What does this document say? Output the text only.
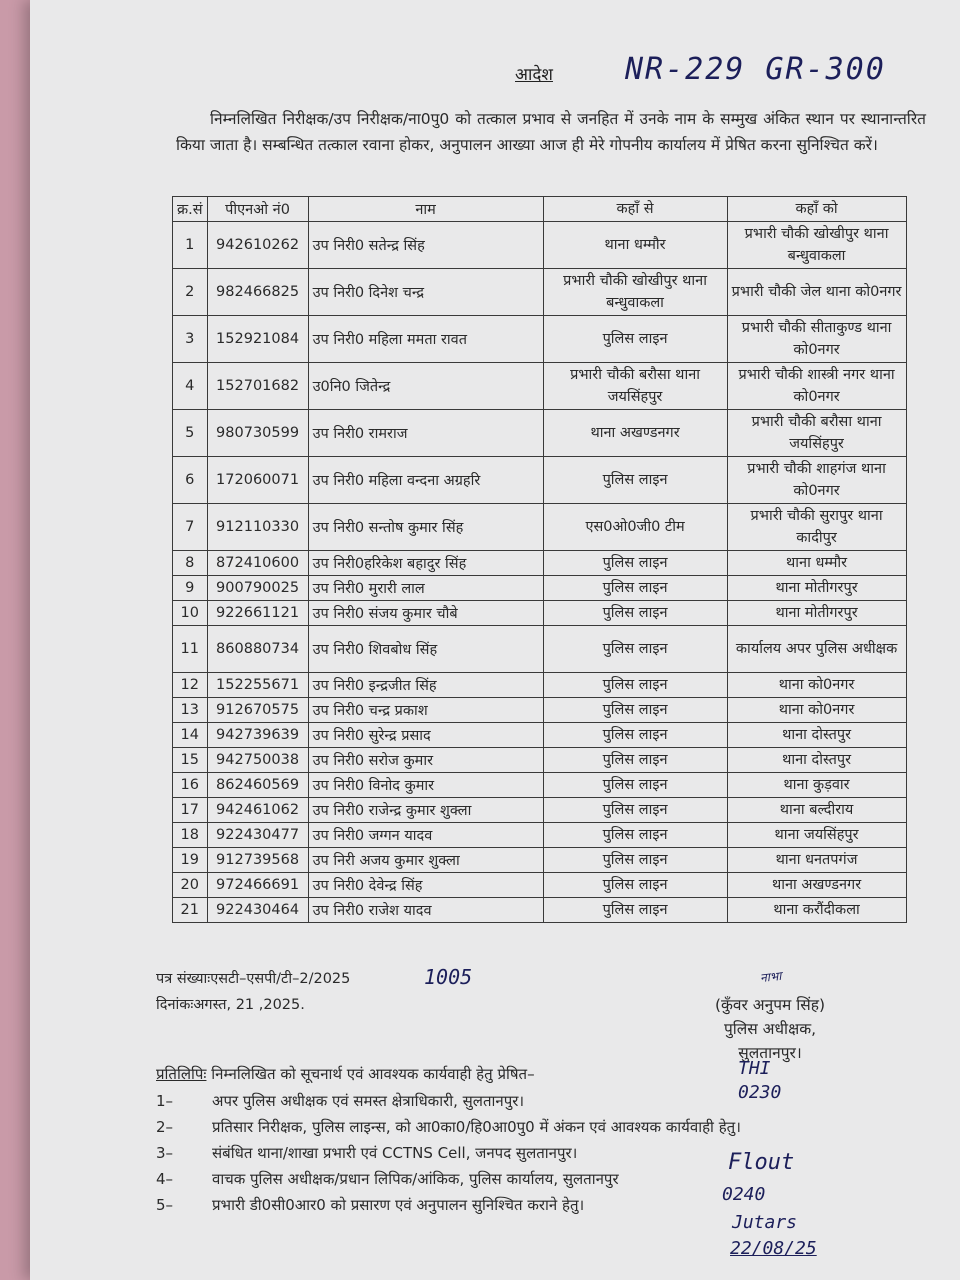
आदेश NR-229 GR-300
निम्नलिखित निरीक्षक/उप निरीक्षक/ना0पु0 को तत्काल प्रभाव से जनहित में उनके नाम के सम्मुख अंकित स्थान पर स्थानान्तरित किया जाता है। सम्बन्धित तत्काल रवाना होकर, अनुपालन आख्या आज ही मेरे गोपनीय कार्यालय में प्रेषित करना सुनिश्चित करें।
क्र.सं	पीएनओ नं0	नाम	कहाँ से	कहाँ को
1	942610262	उप निरी0 सतेन्द्र सिंह	थाना धम्मौर	प्रभारी चौकी खोखीपुर थाना बन्धुवाकला
2	982466825	उप निरी0 दिनेश चन्द्र	प्रभारी चौकी खोखीपुर थाना बन्धुवाकला	प्रभारी चौकी जेल थाना को0नगर
3	152921084	उप निरी0 महिला ममता रावत	पुलिस लाइन	प्रभारी चौकी सीताकुण्ड थाना को0नगर
4	152701682	उ0नि0 जितेन्द्र	प्रभारी चौकी बरौसा थाना जयसिंहपुर	प्रभारी चौकी शास्त्री नगर थाना को0नगर
5	980730599	उप निरी0 रामराज	थाना अखण्डनगर	प्रभारी चौकी बरौसा थाना जयसिंहपुर
6	172060071	उप निरी0 महिला वन्दना अग्रहरि	पुलिस लाइन	प्रभारी चौकी शाहगंज थाना को0नगर
7	912110330	उप निरी0 सन्तोष कुमार सिंह	एस0ओ0जी0 टीम	प्रभारी चौकी सुरापुर थाना कादीपुर
8	872410600	उप निरी0हरिकेश बहादुर सिंह	पुलिस लाइन	थाना धम्मौर
9	900790025	उप निरी0 मुरारी लाल	पुलिस लाइन	थाना मोतीगरपुर
10	922661121	उप निरी0 संजय कुमार चौबे	पुलिस लाइन	थाना मोतीगरपुर
11	860880734	उप निरी0 शिवबोध सिंह	पुलिस लाइन	कार्यालय अपर पुलिस अधीक्षक
12	152255671	उप निरी0 इन्द्रजीत सिंह	पुलिस लाइन	थाना को0नगर
13	912670575	उप निरी0 चन्द्र प्रकाश	पुलिस लाइन	थाना को0नगर
14	942739639	उप निरी0 सुरेन्द्र प्रसाद	पुलिस लाइन	थाना दोस्तपुर
15	942750038	उप निरी0 सरोज कुमार	पुलिस लाइन	थाना दोस्तपुर
16	862460569	उप निरी0 विनोद कुमार	पुलिस लाइन	थाना कुड़वार
17	942461062	उप निरी0 राजेन्द्र कुमार शुक्ला	पुलिस लाइन	थाना बल्दीराय
18	922430477	उप निरी0 जग्गन यादव	पुलिस लाइन	थाना जयसिंहपुर
19	912739568	उप निरी अजय कुमार शुक्ला	पुलिस लाइन	थाना धनतपगंज
20	972466691	उप निरी0 देवेन्द्र सिंह	पुलिस लाइन	थाना अखण्डनगर
21	922430464	उप निरी0 राजेश यादव	पुलिस लाइन	थाना करौंदीकला
पत्र संख्याःएसटी–एसपी/टी–2/2025	1005
दिनांकःअगस्त, 21 ,2025.
नाभा
(कुँवर अनुपम सिंह)
पुलिस अधीक्षक,
सुलतानपुर।
प्रतिलिपिः निम्नलिखित को सूचनार्थ एवं आवश्यक कार्यवाही हेतु प्रेषित–
1–	अपर पुलिस अधीक्षक एवं समस्त क्षेत्राधिकारी, सुलतानपुर।
2–	प्रतिसार निरीक्षक, पुलिस लाइन्स, को आ0का0/हि0आ0पु0 में अंकन एवं आवश्यक कार्यवाही हेतु।
3–	संबंधित थाना/शाखा प्रभारी एवं CCTNS Cell, जनपद सुलतानपुर।
4–	वाचक पुलिस अधीक्षक/प्रधान लिपिक/आंकिक, पुलिस कार्यालय, सुलतानपुर
5–	प्रभारी डी0सी0आर0 को प्रसारण एवं अनुपालन सुनिश्चित कराने हेतु।
THI
0230
Flout
0240
Jutars
22/08/25
